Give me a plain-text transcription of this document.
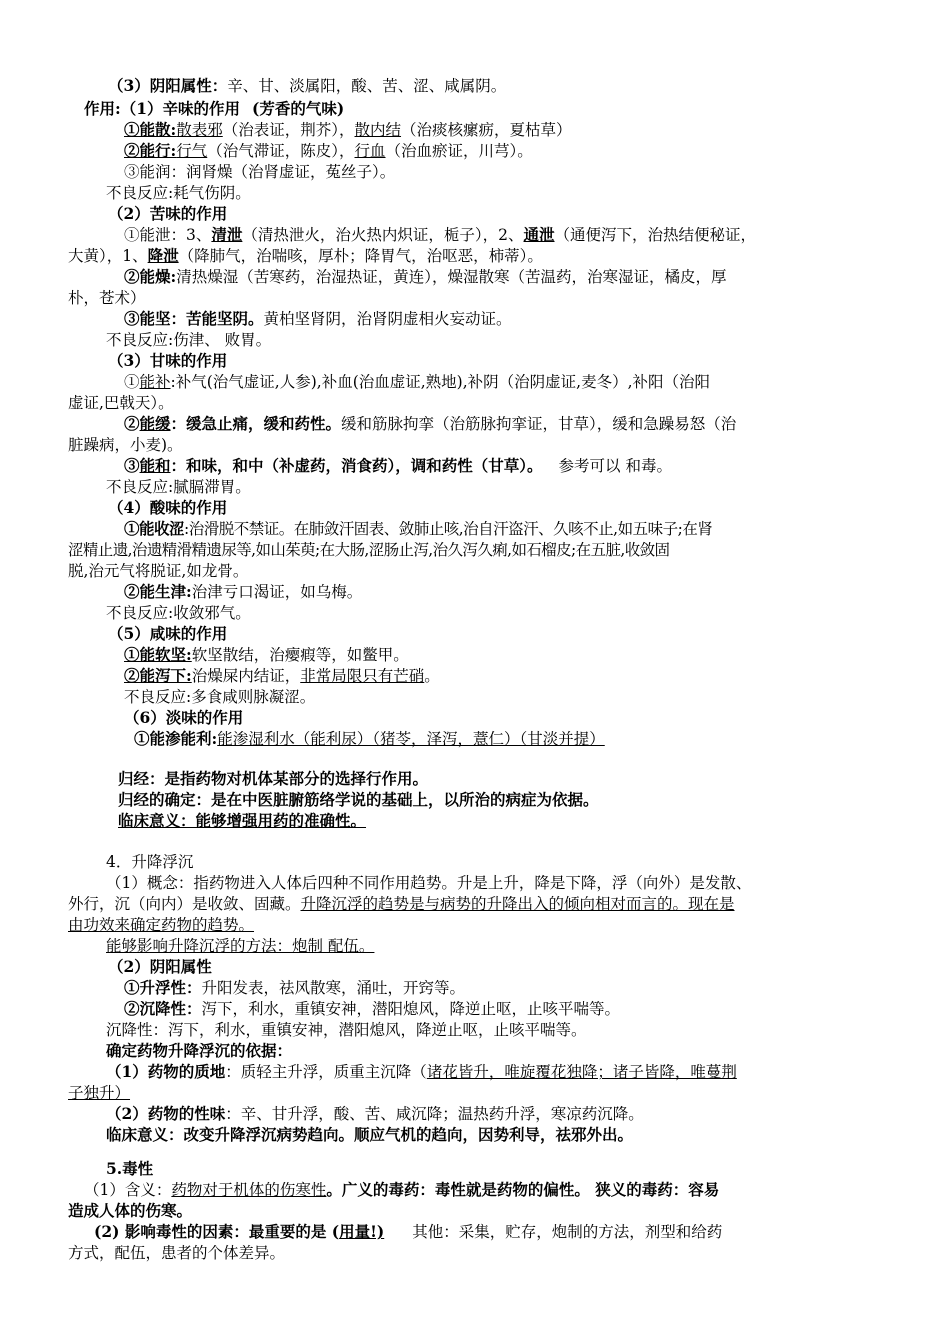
（3）阴阳属性：辛、甘、淡属阳，酸、苦、涩、咸属阴。
作用:（1）辛味的作用 (芳香的气味)
①能散:散表邪（治表证，荆芥），散内结（治痰核瘰疬，夏枯草）
②能行:行气（治气滞证，陈皮），行血（治血瘀证，川芎）。
③能润：润肾燥（治肾虚证，菟丝子）。
不良反应:耗气伤阴。
（2）苦味的作用
①能泄：3、清泄（清热泄火，治火热内炽证，栀子），2、通泄（通便泻下，治热结便秘证，
大黄），1、降泄（降肺气，治喘咳，厚朴；降胃气，治呕恶，柿蒂）。
②能燥:清热燥湿（苦寒药，治湿热证，黄连），燥湿散寒（苦温药，治寒湿证，橘皮，厚
朴，苍术）
③能坚：苦能坚阴。黄柏坚肾阴，治肾阴虚相火妄动证。
不良反应:伤津、 败胃。
（3）甘味的作用
①能补:补气(治气虚证,人参),补血(治血虚证,熟地),补阴（治阴虚证,麦冬）,补阳（治阳
虚证,巴戟天）。
②能缓：缓急止痛，缓和药性。缓和筋脉拘挛（治筋脉拘挛证，甘草），缓和急躁易怒（治
脏躁病，小麦)。
③能和：和味，和中（补虚药，消食药），调和药性（甘草）。 参考可以 和毒。
不良反应:腻膈滞胃。
（4）酸味的作用
①能收涩:治滑脱不禁证。在肺敛汗固表、敛肺止咳,治自汗盗汗、久咳不止,如五味子;在肾
涩精止遗,治遗精滑精遗尿等,如山茱萸;在大肠,涩肠止泻,治久泻久痢,如石榴皮;在五脏,收敛固
脱,治元气将脱证,如龙骨。
②能生津:治津亏口渴证，如乌梅。
不良反应:收敛邪气。
（5）咸味的作用
①能软坚:软坚散结，治瘿瘕等，如鳖甲。
②能泻下:治燥屎内结证，非常局限只有芒硝。
不良反应:多食咸则脉凝涩。
（6）淡味的作用
①能渗能利:能渗湿利水（能利尿）（猪苓，泽泻，薏仁）（甘淡并提）
归经：是指药物对机体某部分的选择行作用。
归经的确定：是在中医脏腑筋络学说的基础上，以所治的病症为依据。
临床意义：能够增强用药的准确性。
4．升降浮沉
（1）概念：指药物进入人体后四种不同作用趋势。升是上升，降是下降，浮（向外）是发散、
外行，沉（向内）是收敛、固藏。升降沉浮的趋势是与病势的升降出入的倾向相对而言的。现在是
由功效来确定药物的趋势。
能够影响升降沉浮的方法：炮制 配伍。
（2）阴阳属性
①升浮性：升阳发表，祛风散寒，涌吐，开窍等。
②沉降性：泻下，利水，重镇安神，潜阳熄风，降逆止呕，止咳平喘等。
沉降性：泻下，利水，重镇安神，潜阳熄风，降逆止呕，止咳平喘等。
确定药物升降浮沉的依据：
（1）药物的质地：质轻主升浮，质重主沉降（诸花皆升，唯旋覆花独降；诸子皆降，唯蔓荆
子独升）
（2）药物的性味：辛、甘升浮，酸、苦、咸沉降；温热药升浮，寒凉药沉降。
临床意义：改变升降浮沉病势趋向。顺应气机的趋向，因势利导，祛邪外出。
5.毒性
（1）含义：药物对于机体的伤寒性。广义的毒药：毒性就是药物的偏性。 狭义的毒药：容易
造成人体的伤寒。
(2) 影响毒性的因素：最重要的是 (用量!) 其他：采集，贮存，炮制的方法，剂型和给药
方式，配伍，患者的个体差异。
